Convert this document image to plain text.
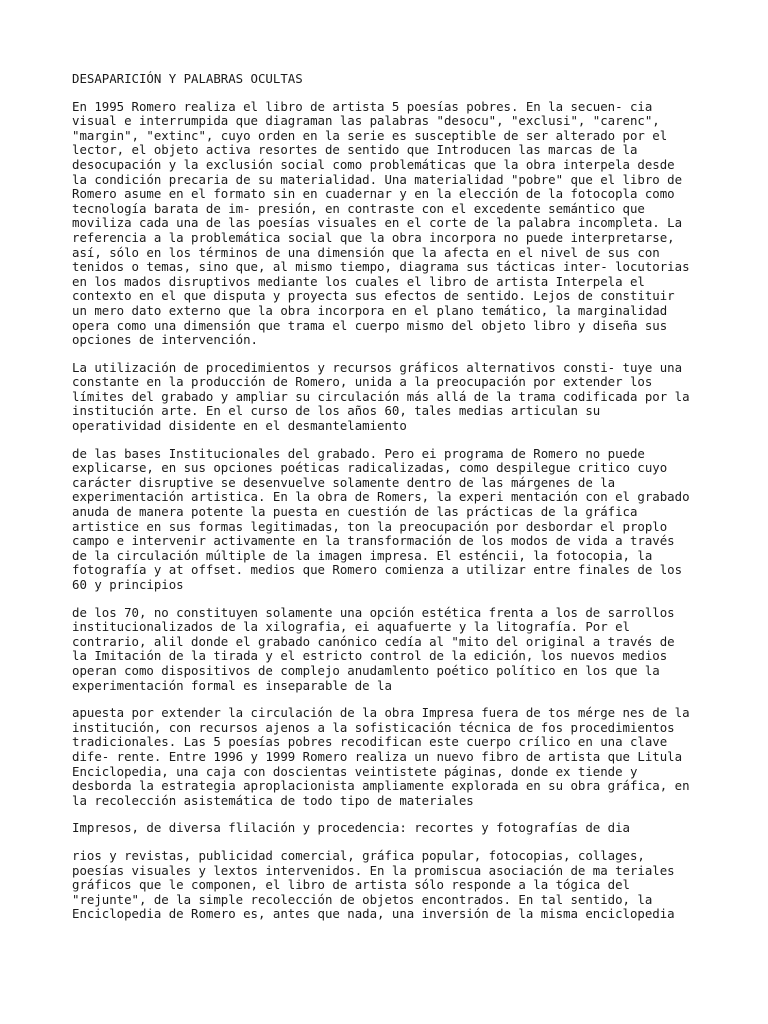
DESAPARICIÓN Y PALABRAS OCULTAS
En 1995 Romero realiza el libro de artista 5 poesías pobres. En la secuen- cia
visual e interrumpida que diagraman las palabras "desocu", "exclusi", "carenc",
"margin", "extinc", cuyo orden en la serie es susceptible de ser alterado por el
lector, el objeto activa resortes de sentido que Introducen las marcas de la
desocupación y la exclusión social como problemáticas que la obra interpela desde
la condición precaria de su materialidad. Una materialidad "pobre" que el libro de
Romero asume en el formato sin en cuadernar y en la elección de la fotocopla como
tecnología barata de im- presión, en contraste con el excedente semántico que
moviliza cada una de las poesías visuales en el corte de la palabra incompleta. La
referencia a la problemática social que la obra incorpora no puede interpretarse,
así, sólo en los términos de una dimensión que la afecta en el nivel de sus con
tenidos o temas, sino que, al mismo tiempo, diagrama sus tácticas inter- locutorias
en los mados disruptivos mediante los cuales el libro de artista Interpela el
contexto en el que disputa y proyecta sus efectos de sentido. Lejos de constituir
un mero dato externo que la obra incorpora en el plano temático, la marginalidad
opera como una dimensión que trama el cuerpo mismo del objeto libro y diseña sus
opciones de intervención.
La utilización de procedimientos y recursos gráficos alternativos consti- tuye una
constante en la producción de Romero, unida a la preocupación por extender los
límites del grabado y ampliar su circulación más allá de la trama codificada por la
institución arte. En el curso de los años 60, tales medias articulan su
operatividad disidente en el desmantelamiento
de las bases Institucionales del grabado. Pero ei programa de Romero no puede
explicarse, en sus opciones poéticas radicalizadas, como despilegue critico cuyo
carácter disruptive se desenvuelve solamente dentro de las márgenes de la
experimentación artistica. En la obra de Romers, la experi mentación con el grabado
anuda de manera potente la puesta en cuestión de las prácticas de la gráfica
artistice en sus formas legitimadas, ton la preocupación por desbordar el proplo
campo e intervenir activamente en la transformación de los modos de vida a través
de la circulación múltiple de la imagen impresa. El esténcii, la fotocopia, la
fotografía y at offset. medios que Romero comienza a utilizar entre finales de los
60 y principios
de los 70, no constituyen solamente una opción estética frenta a los de sarrollos
institucionalizados de la xilografia, ei aquafuerte y la litografía. Por el
contrario, alil donde el grabado canónico cedía al "mito del original a través de
la Imitación de la tirada y el estricto control de la edición, los nuevos medios
operan como dispositivos de complejo anudamlento poético político en los que la
experimentación formal es inseparable de la
apuesta por extender la circulación de la obra Impresa fuera de tos mérge nes de la
institución, con recursos ajenos a la sofisticación técnica de fos procedimientos
tradicionales. Las 5 poesías pobres recodifican este cuerpo crílico en una clave
dife- rente. Entre 1996 y 1999 Romero realiza un nuevo fibro de artista que Litula
Enciclopedia, una caja con doscientas veintistete páginas, donde ex tiende y
desborda la estrategia aproplacionista ampliamente explorada en su obra gráfica, en
la recolección asistemática de todo tipo de materiales
Impresos, de diversa flilación y procedencia: recortes y fotografías de dia
rios y revistas, publicidad comercial, gráfica popular, fotocopias, collages,
poesías visuales y lextos intervenidos. En la promiscua asociación de ma teriales
gráficos que le componen, el libro de artista sólo responde a la tógica del
"rejunte", de la simple recolección de objetos encontrados. En tal sentido, la
Enciclopedia de Romero es, antes que nada, una inversión de la misma enciclopedia
